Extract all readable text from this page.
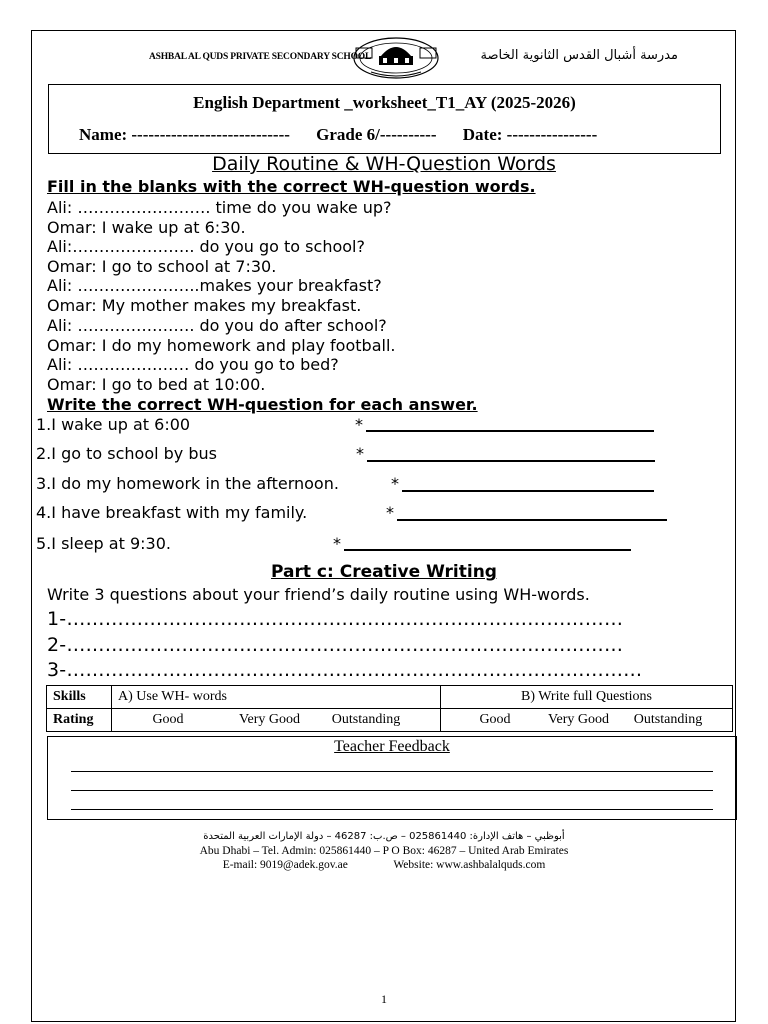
ASHBAL AL QUDS PRIVATE SECONDARY SCHOOL	مدرسة أشبال القدس الثانوية الخاصة
English Department _worksheet_T1_AY (2025-2026)
Name: ---------------------------- Grade 6/---------- Date: ----------------
Daily Routine & WH-Question Words
Fill in the blanks with the correct WH-question words.
Ali: ……………………. time do you wake up?
Omar: I wake up at 6:30.
Ali:………………….. do you go to school?
Omar: I go to school at 7:30.
Ali: …………………..makes your breakfast?
Omar: My mother makes my breakfast.
Ali: …………………. do you do after school?
Omar: I do my homework and play football.
Ali: ………………… do you go to bed?
Omar: I go to bed at 10:00.
Write the correct WH-question for each answer.
1.I wake up at 6:00	*
2.I go to school by bus	*
3.I do my homework in the afternoon.	*
4.I have breakfast with my family.	*
5.I sleep at 9:30.	*
Part c: Creative Writing
Write 3 questions about your friend’s daily routine using WH-words.
1-……………………………………………………………………………
2-……………………………………………………………………………
3-………………………………………………………………………………
Skills	A) Use WH- words	B) Write full Questions
Rating	Good Very Good Outstanding	Good Very Good Outstanding
Teacher Feedback
أبوظبي – هاتف الإدارة: 025861440 – ص.ب: 46287 – دولة الإمارات العربية المتحدة
Abu Dhabi – Tel. Admin: 025861440 – P O Box: 46287 – United Arab Emirates
E-mail: 9019@adek.gov.ae	Website: www.ashbalalquds.com
1
